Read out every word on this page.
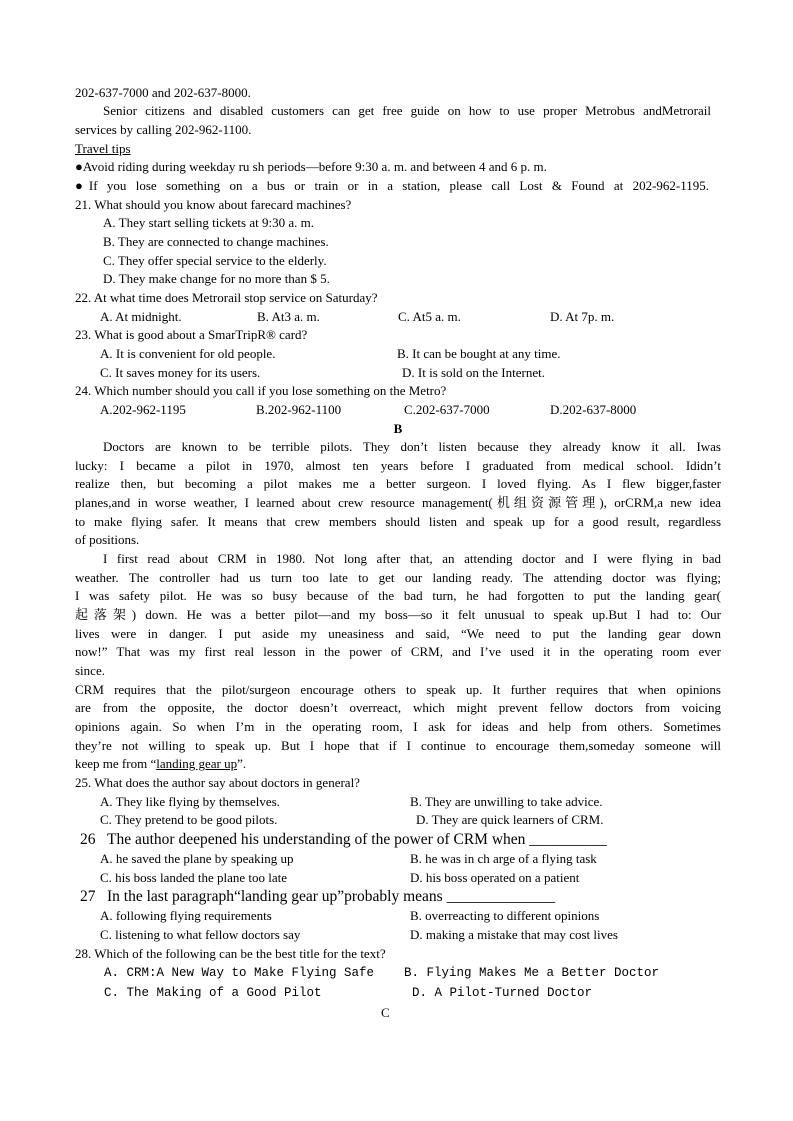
202-637-7000 and 202-637-8000.
Senior citizens and disabled customers can get free guide on how to use proper Metrobus andMetrorail
services by calling 202-962-1100.
Travel tips
●Avoid riding during weekday ru sh periods—before 9:30 a. m. and between 4 and 6 p. m.
●If you lose something on a bus or train or in a station, please call Lost & Found at 202-962-1195.
21. What should you know about farecard machines?
A. They start selling tickets at 9:30 a. m.
B. They are connected to change machines.
C. They offer special service to the elderly.
D. They make change for no more than $ 5.
22. At what time does Metrorail stop service on Saturday?
A. At midnight.	B. At3 a. m.	C. At5 a. m.	D. At 7p. m.
23. What is good about a SmarTripR® card?
A. It is convenient for old people.	B. It can be bought at any time.
C. It saves money for its users.	D. It is sold on the Internet.
24. Which number should you call if you lose something on the Metro?
A.202-962-1195	B.202-962-1100	C.202-637-7000	D.202-637-8000
B
Doctors are known to be terrible pilots. They don’t listen because they already know it all. Iwas
lucky: I became a pilot in 1970, almost ten years before I graduated from medical school. Ididn’t
realize then, but becoming a pilot makes me a better surgeon. I loved flying. As I flew bigger,faster
planes,and in worse weather, I learned about crew resource management(机组资源管理), orCRM,a new idea
to make flying safer. It means that crew members should listen and speak up for a good result, regardless
of positions.
I first read about CRM in 1980. Not long after that, an attending doctor and I were flying in bad
weather. The controller had us turn too late to get our landing ready. The attending doctor was flying;
I was safety pilot. He was so busy because of the bad turn, he had forgotten to put the landing gear(
起落架) down. He was a better pilot—and my boss—so it felt unusual to speak up.But I had to: Our
lives were in danger. I put aside my uneasiness and said, “We need to put the landing gear down
now!” That was my first real lesson in the power of CRM, and I’ve used it in the operating room ever
since.
CRM requires that the pilot/surgeon encourage others to speak up. It further requires that when opinions
are from the opposite, the doctor doesn’t overreact, which might prevent fellow doctors from voicing
opinions again. So when I’m in the operating room, I ask for ideas and help from others. Sometimes
they’re not willing to speak up. But I hope that if I continue to encourage them,someday someone will
keep me from “landing gear up”.
25. What does the author say about doctors in general?
A. They like flying by themselves.	B. They are unwilling to take advice.
C. They pretend to be good pilots.	D. They are quick learners of CRM.
26 The author deepened his understanding of the power of CRM when __________
A. he saved the plane by speaking up	B. he was in ch arge of a flying task
C. his boss landed the plane too late	D. his boss operated on a patient
27 In the last paragraph“landing gear up”probably means ______________
A. following flying requirements	B. overreacting to different opinions
C. listening to what fellow doctors say	D. making a mistake that may cost lives
28. Which of the following can be the best title for the text?
A. CRM:A New Way to Make Flying Safe B. Flying Makes Me a Better Doctor
C. The Making of a Good Pilot	D. A Pilot-Turned Doctor
C
